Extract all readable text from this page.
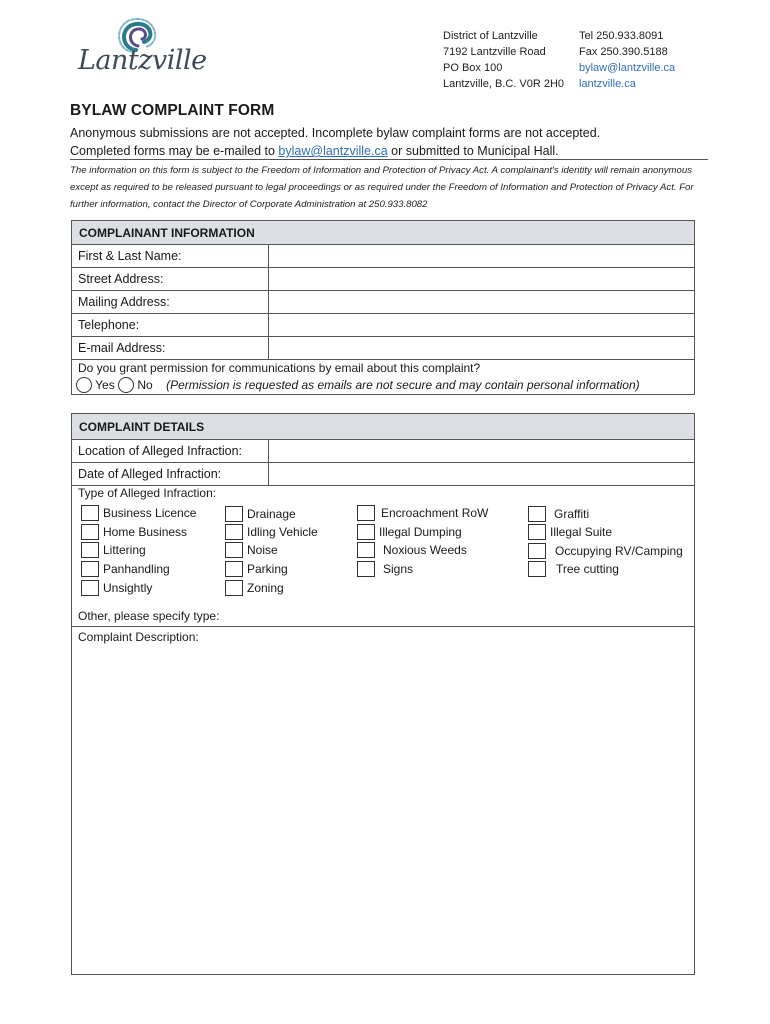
Lantzville
District of Lantzville
7192 Lantzville Road
PO Box 100
Lantzville, B.C. V0R 2H0
Tel 250.933.8091
Fax 250.390.5188
bylaw@lantzville.ca
lantzville.ca
BYLAW COMPLAINT FORM
Anonymous submissions are not accepted. Incomplete bylaw complaint forms are not accepted.
Completed forms may be e-mailed to bylaw@lantzville.ca or submitted to Municipal Hall.
The information on this form is subject to the Freedom of Information and Protection of Privacy Act. A complainant's identity will remain anonymous except as required to be released pursuant to legal proceedings or as required under the Freedom of Information and Protection of Privacy Act. For further information, contact the Director of Corporate Administration at 250.933.8082
COMPLAINANT INFORMATION
First & Last Name:
Street Address:
Mailing Address:
Telephone:
E-mail Address:
Do you grant permission for communications by email about this complaint?
Yes No (Permission is requested as emails are not secure and may contain personal information)
COMPLAINT DETAILS
Location of Alleged Infraction:
Date of Alleged Infraction:
Type of Alleged Infraction:
Business Licence
Home Business
Littering
Panhandling
Unsightly
Drainage
Idling Vehicle
Noise
Parking
Zoning
Encroachment RoW
Illegal Dumping
Noxious Weeds
Signs
Graffiti
Illegal Suite
Occupying RV/Camping
Tree cutting
Other, please specify type:
Complaint Description:
